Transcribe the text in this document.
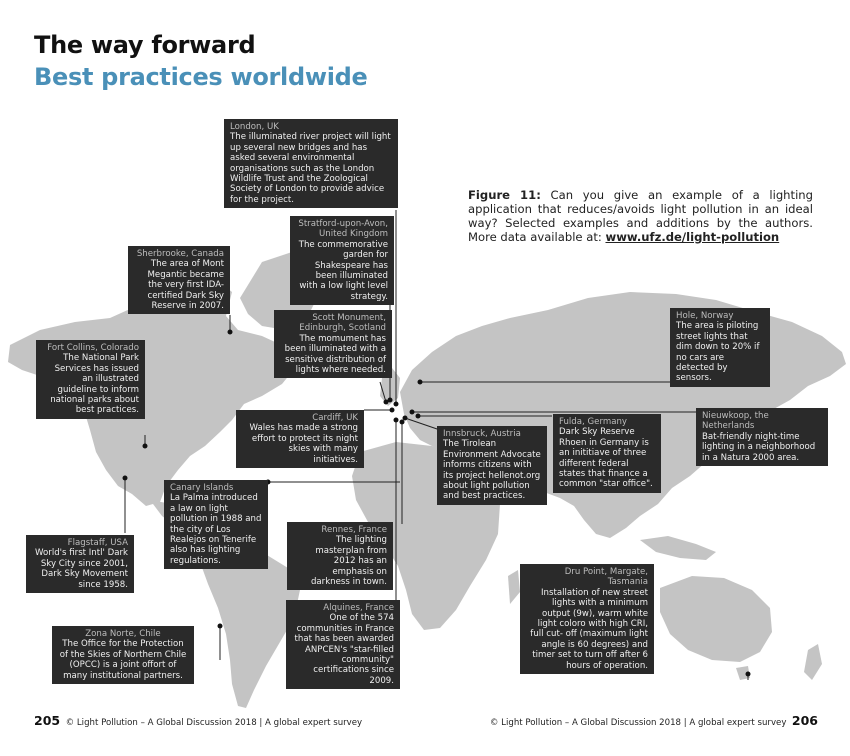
The way forward
Best practices worldwide
Figure 11: Can you give an example of a lighting application that reduces/avoids light pollution in an ideal way? Selected examples and additions by the authors. More data available at: www.ufz.de/light-pollution
London, UK
The illuminated river project will light up several new bridges and has asked several environmental organisations such as the London Wildlife Trust and the Zoological Society of London to provide advice for the project.
Stratford-upon-Avon, United Kingdom
The commemorative garden for Shakespeare has been illuminated with a low light level strategy.
Sherbrooke, Canada
The area of Mont Megantic became the very first IDA-certified Dark Sky Reserve in 2007.
Scott Monument, Edinburgh, Scotland
The momument has been illuminated with a sensitive distribution of lights where needed.
Fort Collins, Colorado
The National Park Services has issued an illustrated guideline to inform national parks about best practices.
Hole, Norway
The area is piloting street lights that dim down to 20% if no cars are detected by sensors.
Cardiff, UK
Wales has made a strong effort to protect its night skies with many initiatives.
Nieuwkoop, the Netherlands
Bat-friendly night-time lighting in a neighborhood in a Natura 2000 area.
Innsbruck, Austria
The Tirolean Environment Advocate informs citizens with its project hellenot.org about light pollution and best practices.
Fulda, Germany
Dark Sky Reserve Rhoen in Germany is an inititiave of three different federal states that finance a common "star office".
Canary Islands
La Palma introduced a law on light pollution in 1988 and the city of Los Realejos on Tenerife also has lighting regulations.
Rennes, France
The lighting masterplan from 2012 has an emphasis on darkness in town.
Flagstaff, USA
World's first Intl' Dark Sky City since 2001, Dark Sky Movement since 1958.
Dru Point, Margate, Tasmania
Installation of new street lights with a minimum output (9w), warm white light coloro with high CRI, full cut- off (maximum light angle is 60 degrees) and timer set to turn off after 6 hours of operation.
Alquines, France
One of the 574 communities in France that has been awarded ANPCEN's "star-filled community" certifications since 2009.
Zona Norte, Chile
The Office for the Protection of the Skies of Northern Chile (OPCC) is a joint offort of many institutional partners.
205 © Light Pollution – A Global Discussion 2018 | A global expert survey	© Light Pollution – A Global Discussion 2018 | A global expert survey 206
